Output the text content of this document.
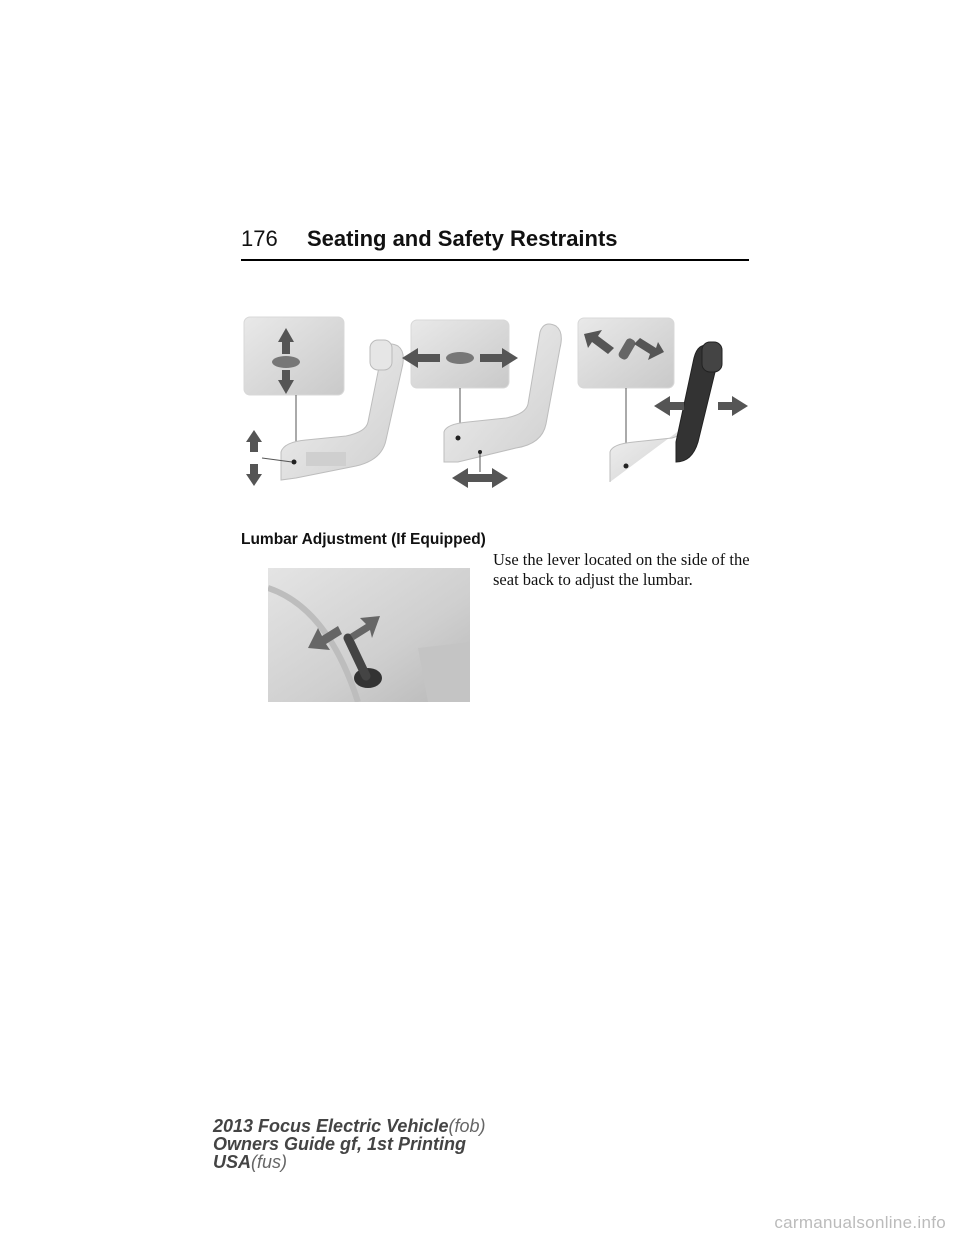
176 Seating and Safety Restraints
Lumbar Adjustment (If Equipped)
Use the lever located on the side of the seat back to adjust the lumbar.
2013 Focus Electric Vehicle(fob)
Owners Guide gf, 1st Printing
USA(fus)
carmanualsonline.info
